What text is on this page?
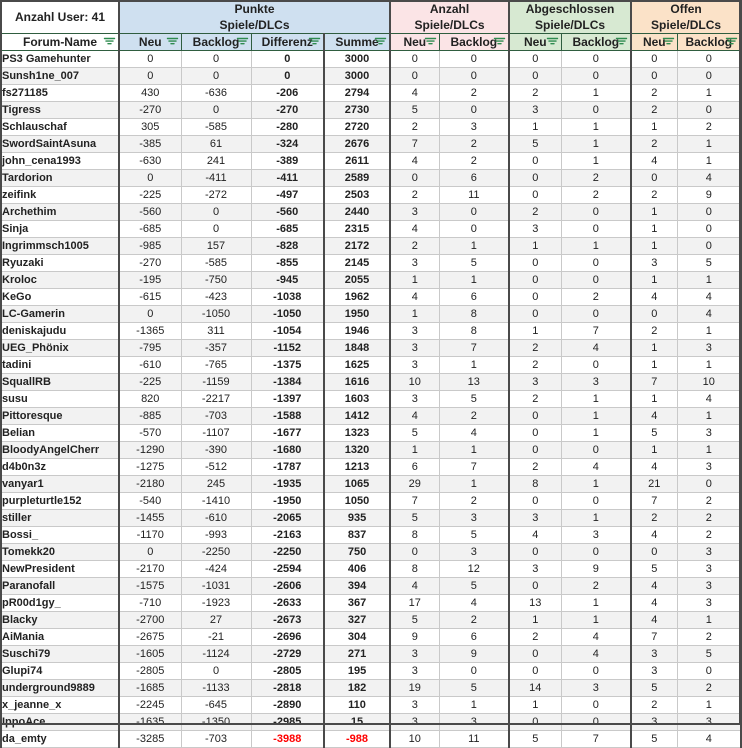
Anzahl User: 41	Punkte
Spiele/DLCs				Anzahl
Spiele/DLCs		Abgeschlossen
Spiele/DLCs		Offen
Spiele/DLCs	

Forum-Name	Neu	Backlog	Differenz	Summe	Neu	Backlog	Neu	Backlog	Neu	Backlog

PS3 Gamehunter	0	0	0	3000	0	0	0	0	0	0
Sunsh1ne_007	0	0	0	3000	0	0	0	0	0	0
fs271185	430	-636	-206	2794	4	2	2	1	2	1
Tigress	-270	0	-270	2730	5	0	3	0	2	0
Schlauschaf	305	-585	-280	2720	2	3	1	1	1	2
SwordSaintAsuna	-385	61	-324	2676	7	2	5	1	2	1
john_cena1993	-630	241	-389	2611	4	2	0	1	4	1
Tardorion	0	-411	-411	2589	0	6	0	2	0	4
zeifink	-225	-272	-497	2503	2	11	0	2	2	9
Archethim	-560	0	-560	2440	3	0	2	0	1	0
Sinja	-685	0	-685	2315	4	0	3	0	1	0
Ingrimmsch1005	-985	157	-828	2172	2	1	1	1	1	0
Ryuzaki	-270	-585	-855	2145	3	5	0	0	3	5
Kroloc	-195	-750	-945	2055	1	1	0	0	1	1
KeGo	-615	-423	-1038	1962	4	6	0	2	4	4
LC-Gamerin	0	-1050	-1050	1950	1	8	0	0	0	4
deniskajudu	-1365	311	-1054	1946	3	8	1	7	2	1
UEG_Phönix	-795	-357	-1152	1848	3	7	2	4	1	3
tadini	-610	-765	-1375	1625	3	1	2	0	1	1
SquallRB	-225	-1159	-1384	1616	10	13	3	3	7	10
susu	820	-2217	-1397	1603	3	5	2	1	1	4
Pittoresque	-885	-703	-1588	1412	4	2	0	1	4	1
Belian	-570	-1107	-1677	1323	5	4	0	1	5	3
BloodyAngelCherr	-1290	-390	-1680	1320	1	1	0	0	1	1
d4b0n3z	-1275	-512	-1787	1213	6	7	2	4	4	3
vanyar1	-2180	245	-1935	1065	29	1	8	1	21	0
purpleturtle152	-540	-1410	-1950	1050	7	2	0	0	7	2
stiller	-1455	-610	-2065	935	5	3	3	1	2	2
Bossi_	-1170	-993	-2163	837	8	5	4	3	4	2
Tomekk20	0	-2250	-2250	750	0	3	0	0	0	3
NewPresident	-2170	-424	-2594	406	8	12	3	9	5	3
Paranofall	-1575	-1031	-2606	394	4	5	0	2	4	3
pR00d1gy_	-710	-1923	-2633	367	17	4	13	1	4	3
Blacky	-2700	27	-2673	327	5	2	1	1	4	1
AiMania	-2675	-21	-2696	304	9	6	2	4	7	2
Suschi79	-1605	-1124	-2729	271	3	9	0	4	3	5
Glupi74	-2805	0	-2805	195	3	0	0	0	3	0
underground9889	-1685	-1133	-2818	182	19	5	14	3	5	2
x_jeanne_x	-2245	-645	-2890	110	3	1	1	0	2	1
IppoAce	-1635	-1350	-2985	15	3	3	0	0	3	3
da_emty	-3285	-703	-3988	-988	10	11	5	7	5	4
